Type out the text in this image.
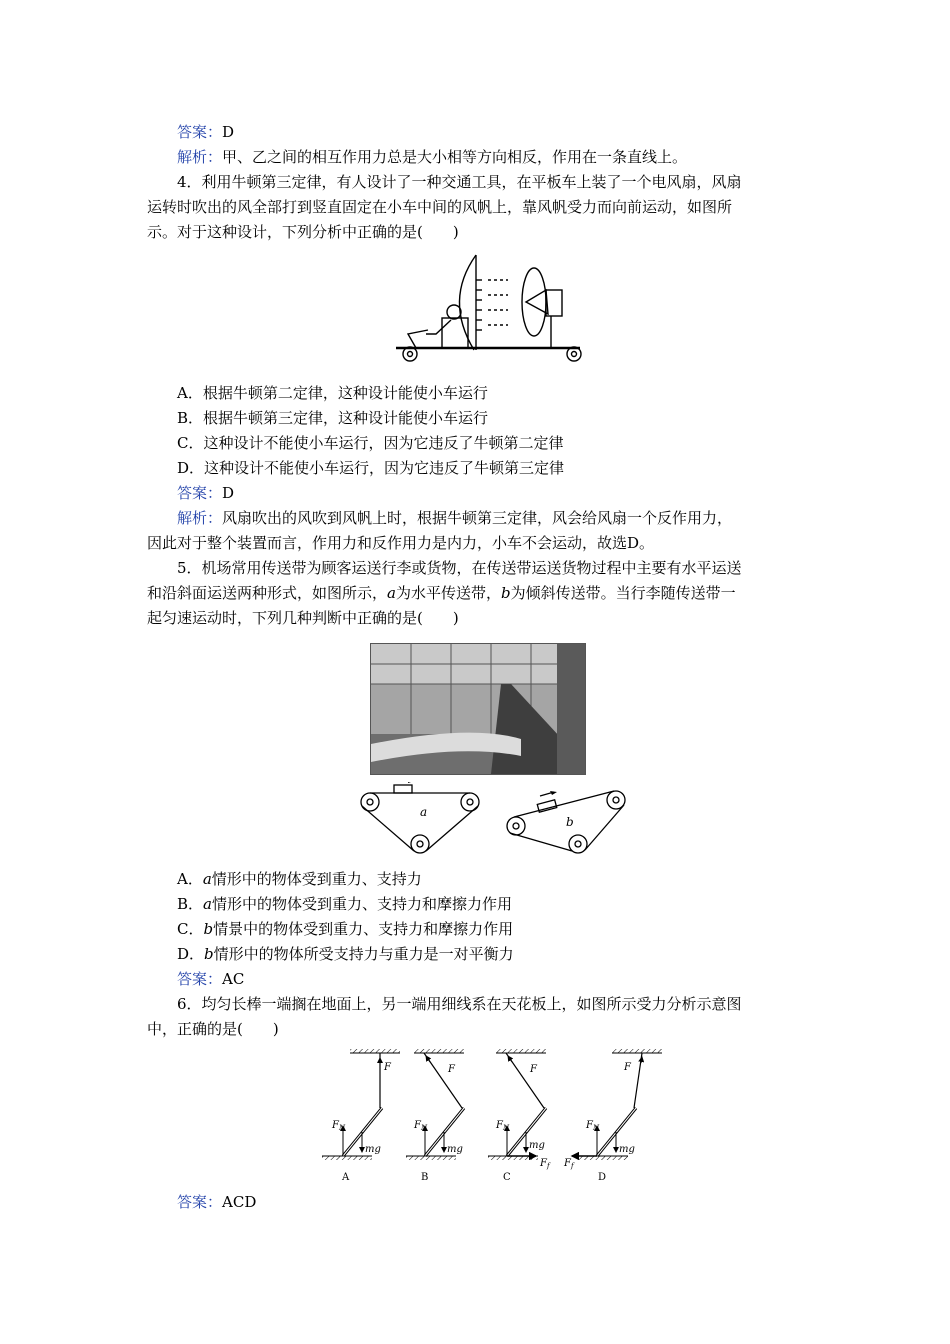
答案：D
解析：甲、乙之间的相互作用力总是大小相等方向相反，作用在一条直线上。
4．利用牛顿第三定律，有人设计了一种交通工具，在平板车上装了一个电风扇，风扇
运转时吹出的风全部打到竖直固定在小车中间的风帆上，靠风帆受力而向前运动，如图所
示。对于这种设计，下列分析中正确的是(　　)
A．根据牛顿第二定律，这种设计能使小车运行
B．根据牛顿第三定律，这种设计能使小车运行
C．这种设计不能使小车运行，因为它违反了牛顿第二定律
D．这种设计不能使小车运行，因为它违反了牛顿第三定律
答案：D
解析：风扇吹出的风吹到风帆上时，根据牛顿第三定律，风会给风扇一个反作用力，
因此对于整个装置而言，作用力和反作用力是内力，小车不会运动，故选D。
5．机场常用传送带为顾客运送行李或货物，在传送带运送货物过程中主要有水平运送
和沿斜面运送两种形式，如图所示，a为水平传送带，b为倾斜传送带。当行李随传送带一
起匀速运动时，下列几种判断中正确的是(　　)
a
b
A．a情形中的物体受到重力、支持力
B．a情形中的物体受到重力、支持力和摩擦力作用
C．b情景中的物体受到重力、支持力和摩擦力作用
D．b情形中的物体所受支持力与重力是一对平衡力
答案：AC
6．均匀长棒一端搁在地面上，另一端用细线系在天花板上，如图所示受力分析示意图
中，正确的是(　　)
F
$F_N$
mg
A
F
$F_N$
mg
B
F
$F_N$
mg
$F_f$
C
F
$F_N$
mg
$F_f$
D
答案：ACD
